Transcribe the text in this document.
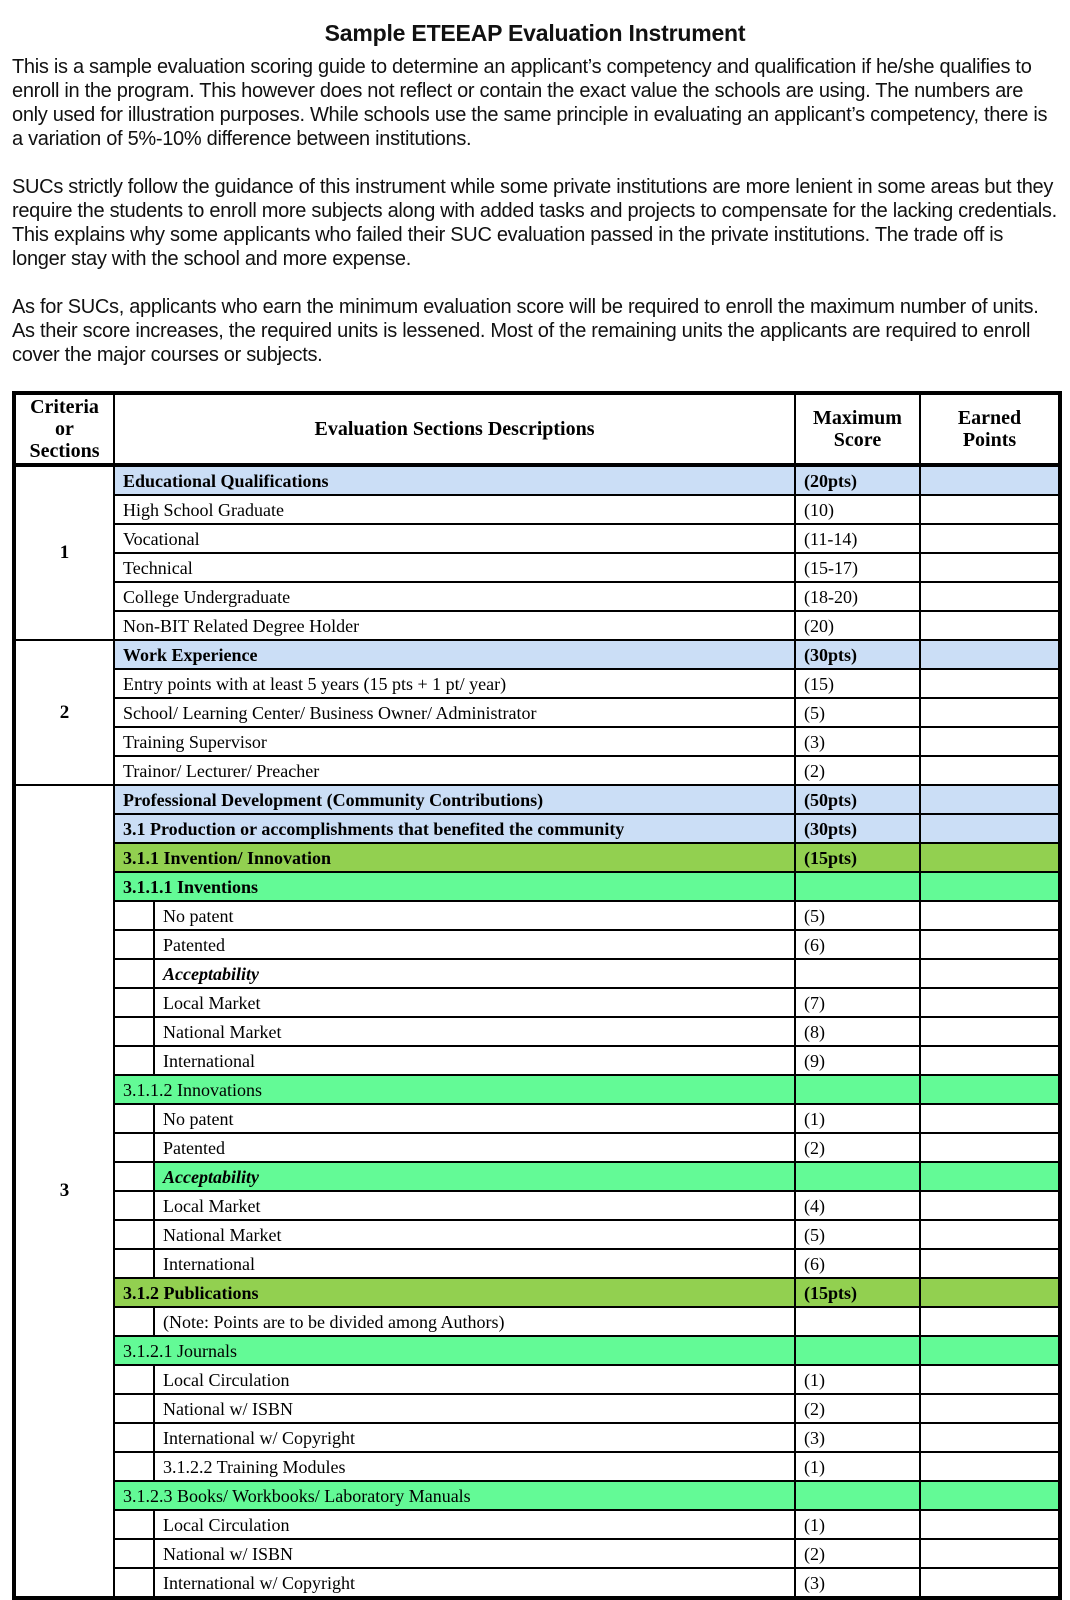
Sample ETEEAP Evaluation Instrument

This is a sample evaluation scoring guide to determine an applicant’s competency and qualification if he/she qualifies to enroll in the program. This however does not reflect or contain the exact value the schools are using. The numbers are only used for illustration purposes. While schools use the same principle in evaluating an applicant’s competency, there is a variation of 5%-10% difference between institutions.

SUCs strictly follow the guidance of this instrument while some private institutions are more lenient in some areas but they require the students to enroll more subjects along with added tasks and projects to compensate for the lacking credentials. This explains why some applicants who failed their SUC evaluation passed in the private institutions. The trade off is longer stay with the school and more expense.

As for SUCs, applicants who earn the minimum evaluation score will be required to enroll the maximum number of units. As their score increases, the required units is lessened. Most of the remaining units the applicants are required to enroll cover the major courses or subjects.

Criteria or Sections	Evaluation Sections Descriptions		Maximum Score	Earned Points
1	Educational Qualifications		(20pts)	
	High School Graduate		(10)	
	Vocational		(11-14)	
	Technical		(15-17)	
	College Undergraduate		(18-20)	
	Non-BIT Related Degree Holder		(20)	
2	Work Experience		(30pts)	
	Entry points with at least 5 years (15 pts + 1 pt/ year)		(15)	
	School/ Learning Center/ Business Owner/ Administrator		(5)	
	Training Supervisor		(3)	
	Trainor/ Lecturer/ Preacher		(2)	
3	Professional Development (Community Contributions)		(50pts)	
	3.1 Production or accomplishments that benefited the community		(30pts)	
	3.1.1 Invention/ Innovation		(15pts)	
	3.1.1.1 Inventions			
		No patent	(5)	
		Patented	(6)	
		Acceptability		
		Local Market	(7)	
		National Market	(8)	
		International	(9)	
	3.1.1.2 Innovations			
		No patent	(1)	
		Patented	(2)	
		Acceptability		
		Local Market	(4)	
		National Market	(5)	
		International	(6)	
	3.1.2 Publications		(15pts)	
		(Note: Points are to be divided among Authors)		
	3.1.2.1 Journals			
		Local Circulation	(1)	
		National w/ ISBN	(2)	
		International w/ Copyright	(3)	
		3.1.2.2 Training Modules	(1)	
	3.1.2.3 Books/ Workbooks/ Laboratory Manuals			
		Local Circulation	(1)	
		National w/ ISBN	(2)	
		International w/ Copyright	(3)	
